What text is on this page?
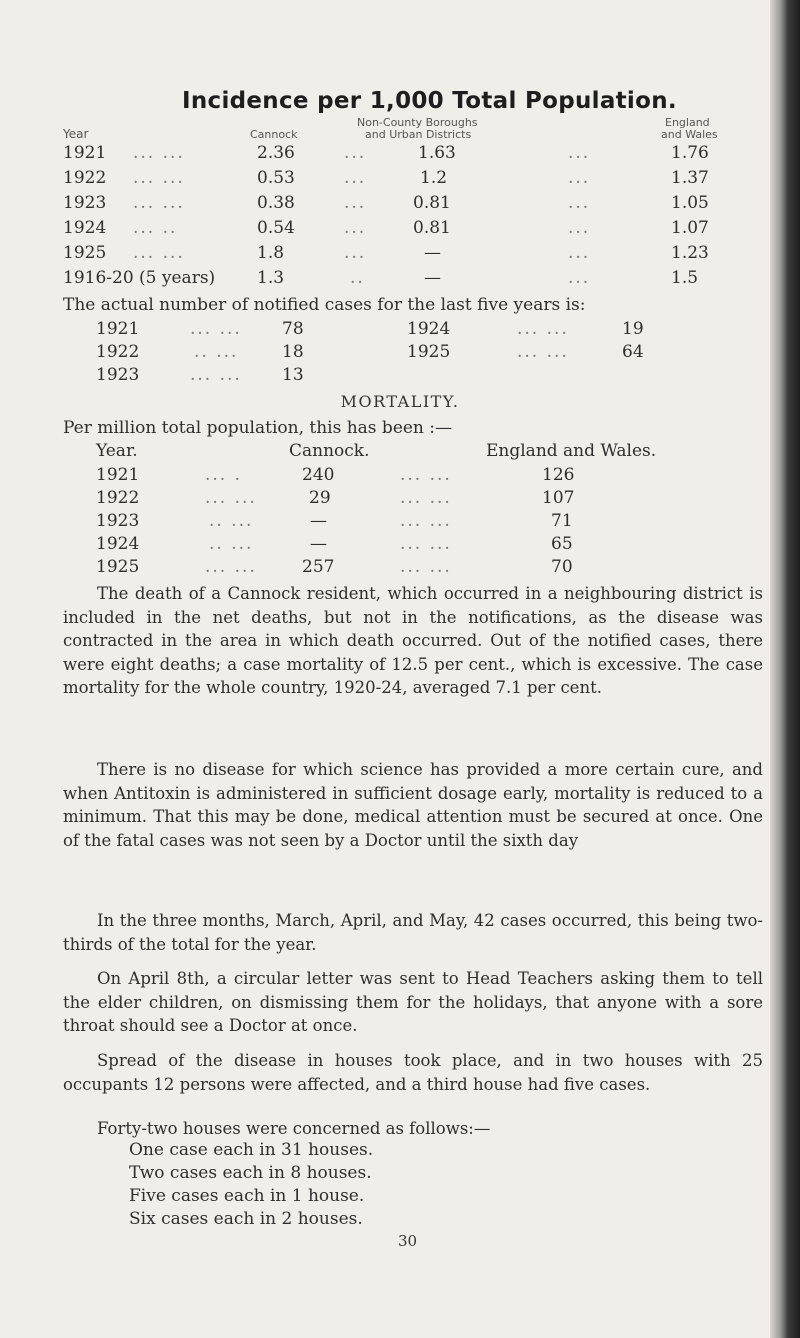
Incidence per 1,000 Total Population.
Year	Cannock
Non-County Boroughs
and Urban Districts
England
and Wales
1921 ... ...	2.36	...	1.63	...	1.76
1922 ... ...	0.53	...	1.2	...	1.37
1923 ... ...	0.38	...	0.81	...	1.05
1924 ... ..	0.54	...	0.81	...	1.07
1925 ... ...	1.8	...	—	...	1.23
1916-20 (5 years) 1.3	..	—	...	1.5
The actual number of notified cases for the last five years is:
1921	... ... 78	1924	... ...	19
1922	.. ...	18	1925	... ...	64
1923	... ... 13
MORTALITY.
Per million total population, this has been :—
Year.	Cannock.	England and Wales.
1921	... .	240	... ...	126
1922	... ...	29	... ...	107
1923	.. ...	—	... ...	71
1924	.. ...	—	... ...	65
1925	... ...	257	... ...	70
The death of a Cannock resident, which occurred in a neighbouring district is included in the net deaths, but not in the notifications, as the disease was contracted in the area in which death occurred. Out of the notified cases, there were eight deaths; a case mortality of 12.5 per cent., which is excessive. The case mortality for the whole country, 1920-24, averaged 7.1 per cent.
There is no disease for which science has provided a more certain cure, and when Antitoxin is administered in sufficient dosage early, mortality is reduced to a minimum. That this may be done, medical attention must be secured at once. One of the fatal cases was not seen by a Doctor until the sixth day
In the three months, March, April, and May, 42 cases occurred, this being two-thirds of the total for the year.
On April 8th, a circular letter was sent to Head Teachers asking them to tell the elder children, on dismissing them for the holidays, that anyone with a sore throat should see a Doctor at once.
Spread of the disease in houses took place, and in two houses with 25 occupants 12 persons were affected, and a third house had five cases.
Forty-two houses were concerned as follows:—
One case each in 31 houses.
Two cases each in 8 houses.
Five cases each in 1 house.
Six cases each in 2 houses.
30
